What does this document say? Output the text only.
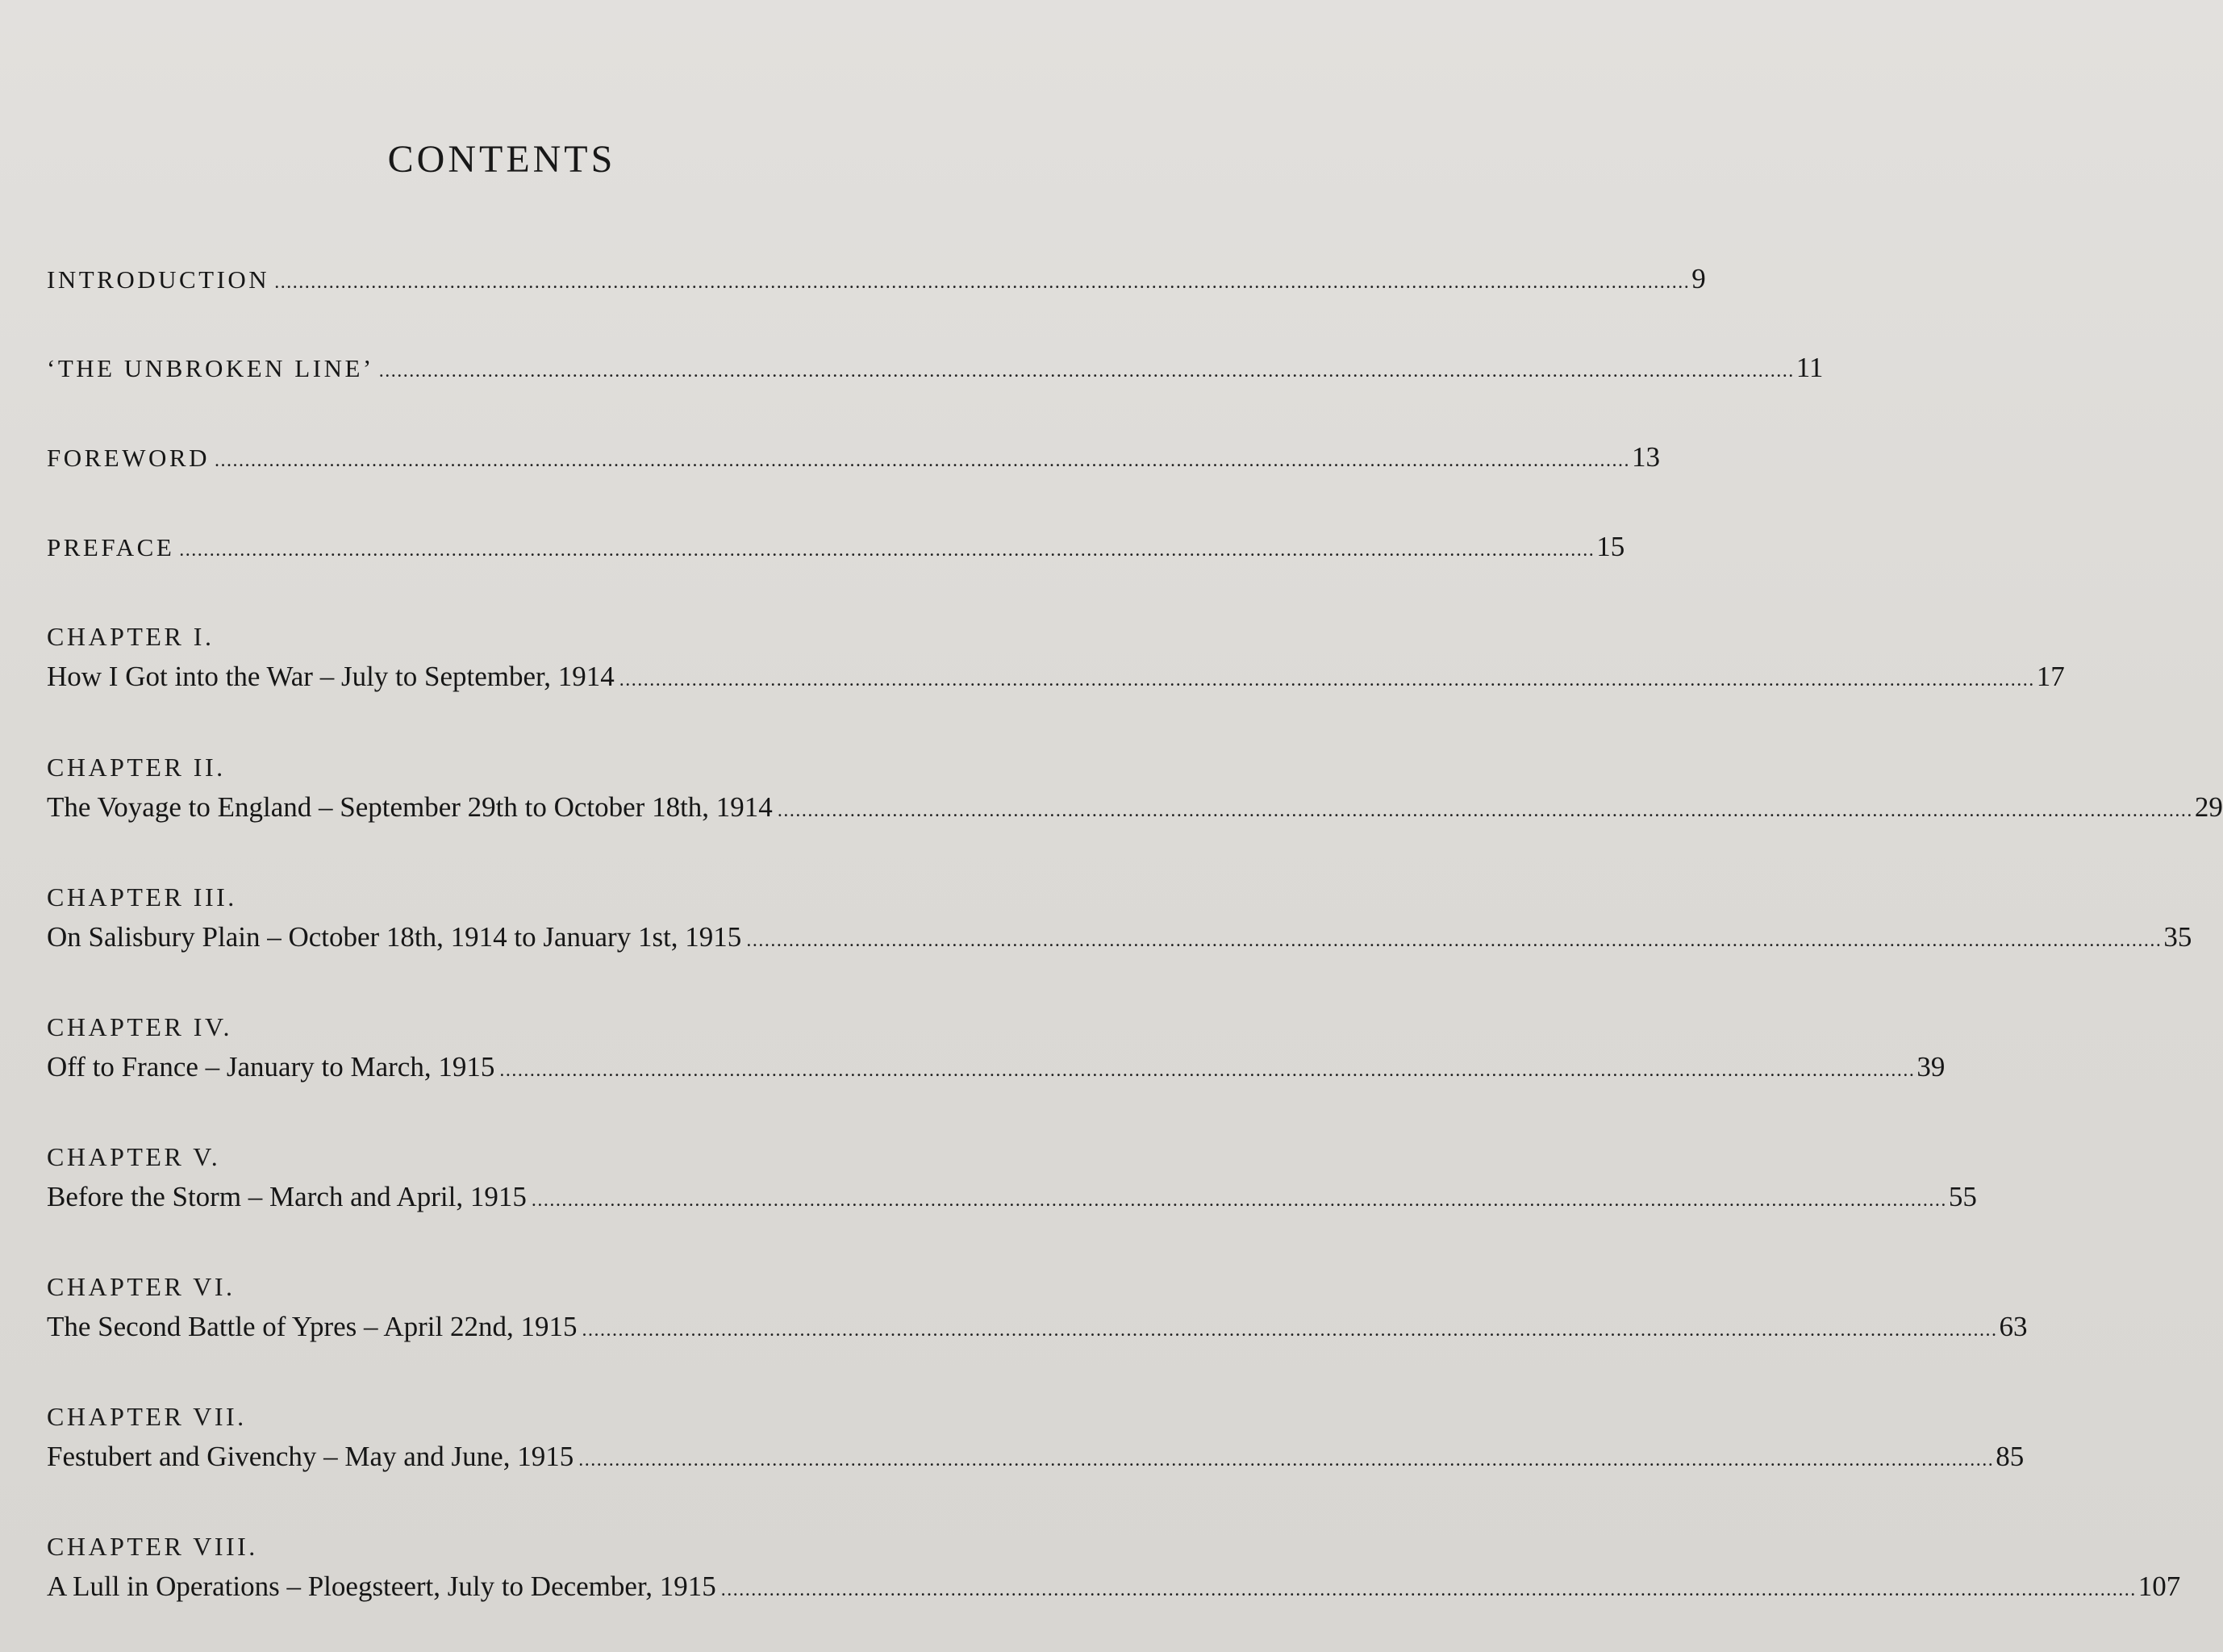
CONTENTS
INTRODUCTION .......................................................................................................................................................................................................................................... 9
‘THE UNBROKEN LINE’ .......................................................................................................................................................................................................................................... 11
FOREWORD .......................................................................................................................................................................................................................................... 13
PREFACE .......................................................................................................................................................................................................................................... 15
CHAPTER I.
How I Got into the War – July to September, 1914 .......................................................................................................................................................................................................................................... 17
CHAPTER II.
The Voyage to England – September 29th to October 18th, 1914 .......................................................................................................................................................................................................................................... 29
CHAPTER III.
On Salisbury Plain – October 18th, 1914 to January 1st, 1915 .......................................................................................................................................................................................................................................... 35
CHAPTER IV.
Off to France – January to March, 1915 .......................................................................................................................................................................................................................................... 39
CHAPTER V.
Before the Storm – March and April, 1915 .......................................................................................................................................................................................................................................... 55
CHAPTER VI.
The Second Battle of Ypres – April 22nd, 1915 .......................................................................................................................................................................................................................................... 63
CHAPTER VII.
Festubert and Givenchy – May and June, 1915 .......................................................................................................................................................................................................................................... 85
CHAPTER VIII.
A Lull in Operations – Ploegsteert, July to December, 1915 .......................................................................................................................................................................................................................................... 107
